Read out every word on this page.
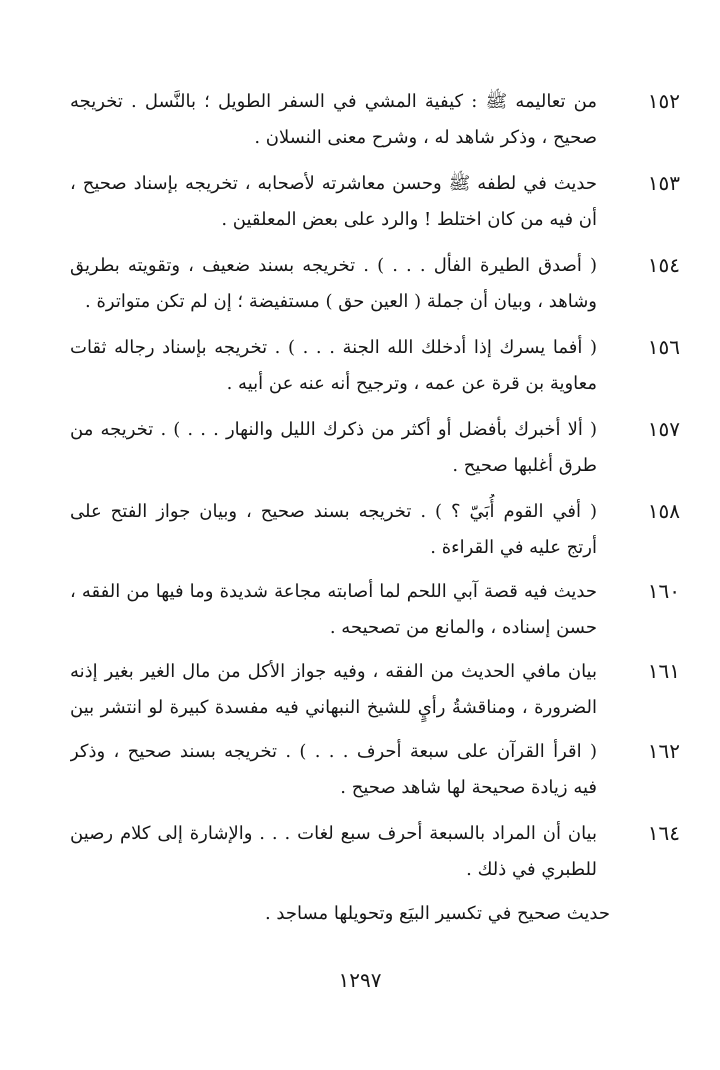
١٥٢
من تعاليمه ﷺ : كيفية المشي في السفر الطويل ؛ بالنَّسل . تخريجه
صحيح ، وذكر شاهد له ، وشرح معنى النسلان .
١٥٣
حديث في لطفه ﷺ وحسن معاشرته لأصحابه ، تخريجه بإسناد صحيح ،
أن فيه من كان اختلط ! والرد على بعض المعلقين .
١٥٤
( أصدق الطيرة الفأل . . . ) . تخريجه بسند ضعيف ، وتقويته بطريق
وشاهد ، وبيان أن جملة ( العين حق ) مستفيضة ؛ إن لم تكن متواترة .
١٥٦
( أفما يسرك إذا أدخلك الله الجنة . . . ) . تخريجه بإسناد رجاله ثقات
معاوية بن قرة عن عمه ، وترجيح أنه عنه عن أبيه .
١٥٧
( ألا أخبرك بأفضل أو أكثر من ذكرك الليل والنهار . . . ) . تخريجه من
طرق أغلبها صحيح .
١٥٨
( أفي القوم أُبَيّ ؟ ) . تخريجه بسند صحيح ، وبيان جواز الفتح على
أرتج عليه في القراءة .
١٦٠
حديث فيه قصة آبي اللحم لما أصابته مجاعة شديدة وما فيها من الفقه ،
حسن إسناده ، والمانع من تصحيحه .
١٦١
بيان مافي الحديث من الفقه ، وفيه جواز الأكل من مال الغير بغير إذنه
الضرورة ، ومناقشةُ رأيٍ للشيخ النبهاني فيه مفسدة كبيرة لو انتشر بين
١٦٢
( اقرأ القرآن على سبعة أحرف . . . ) . تخريجه بسند صحيح ، وذكر
فيه زيادة صحيحة لها شاهد صحيح .
١٦٤
بيان أن المراد بالسبعة أحرف سبع لغات . . . والإشارة إلى كلام رصين
للطبري في ذلك .
حديث صحيح في تكسير البيَع وتحويلها مساجد .
١٢٩٧
